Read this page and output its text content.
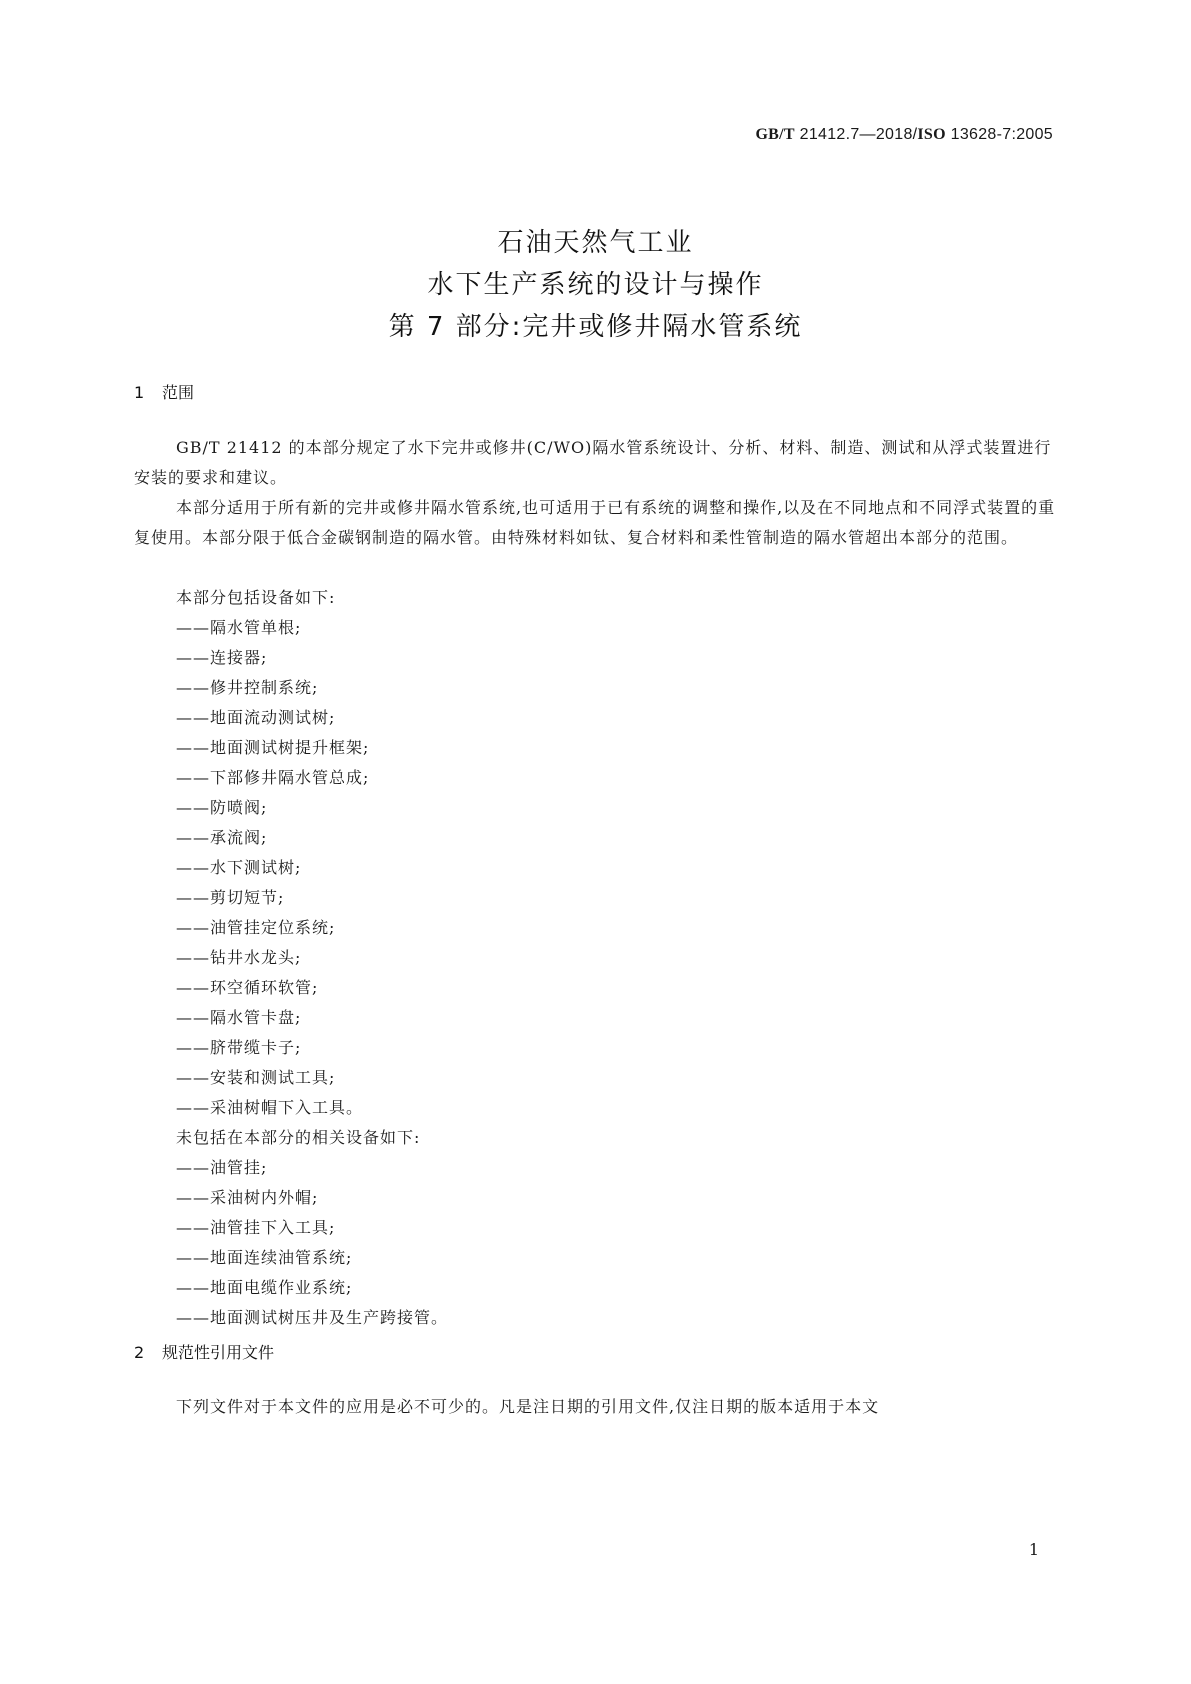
GB/T 21412.7—2018/ISO 13628-7:2005
石油天然气工业
水下生产系统的设计与操作
第 7 部分:完井或修井隔水管系统
1 范围
GB/T 21412 的本部分规定了水下完井或修井(C/WO)隔水管系统设计、分析、材料、制造、测试和从浮式装置进行安装的要求和建议。
本部分适用于所有新的完井或修井隔水管系统,也可适用于已有系统的调整和操作,以及在不同地点和不同浮式装置的重复使用。本部分限于低合金碳钢制造的隔水管。由特殊材料如钛、复合材料和柔性管制造的隔水管超出本部分的范围。
本部分包括设备如下:
——隔水管单根;
——连接器;
——修井控制系统;
——地面流动测试树;
——地面测试树提升框架;
——下部修井隔水管总成;
——防喷阀;
——承流阀;
——水下测试树;
——剪切短节;
——油管挂定位系统;
——钻井水龙头;
——环空循环软管;
——隔水管卡盘;
——脐带缆卡子;
——安装和测试工具;
——采油树帽下入工具。
未包括在本部分的相关设备如下:
——油管挂;
——采油树内外帽;
——油管挂下入工具;
——地面连续油管系统;
——地面电缆作业系统;
——地面测试树压井及生产跨接管。
2 规范性引用文件
下列文件对于本文件的应用是必不可少的。凡是注日期的引用文件,仅注日期的版本适用于本文
1
